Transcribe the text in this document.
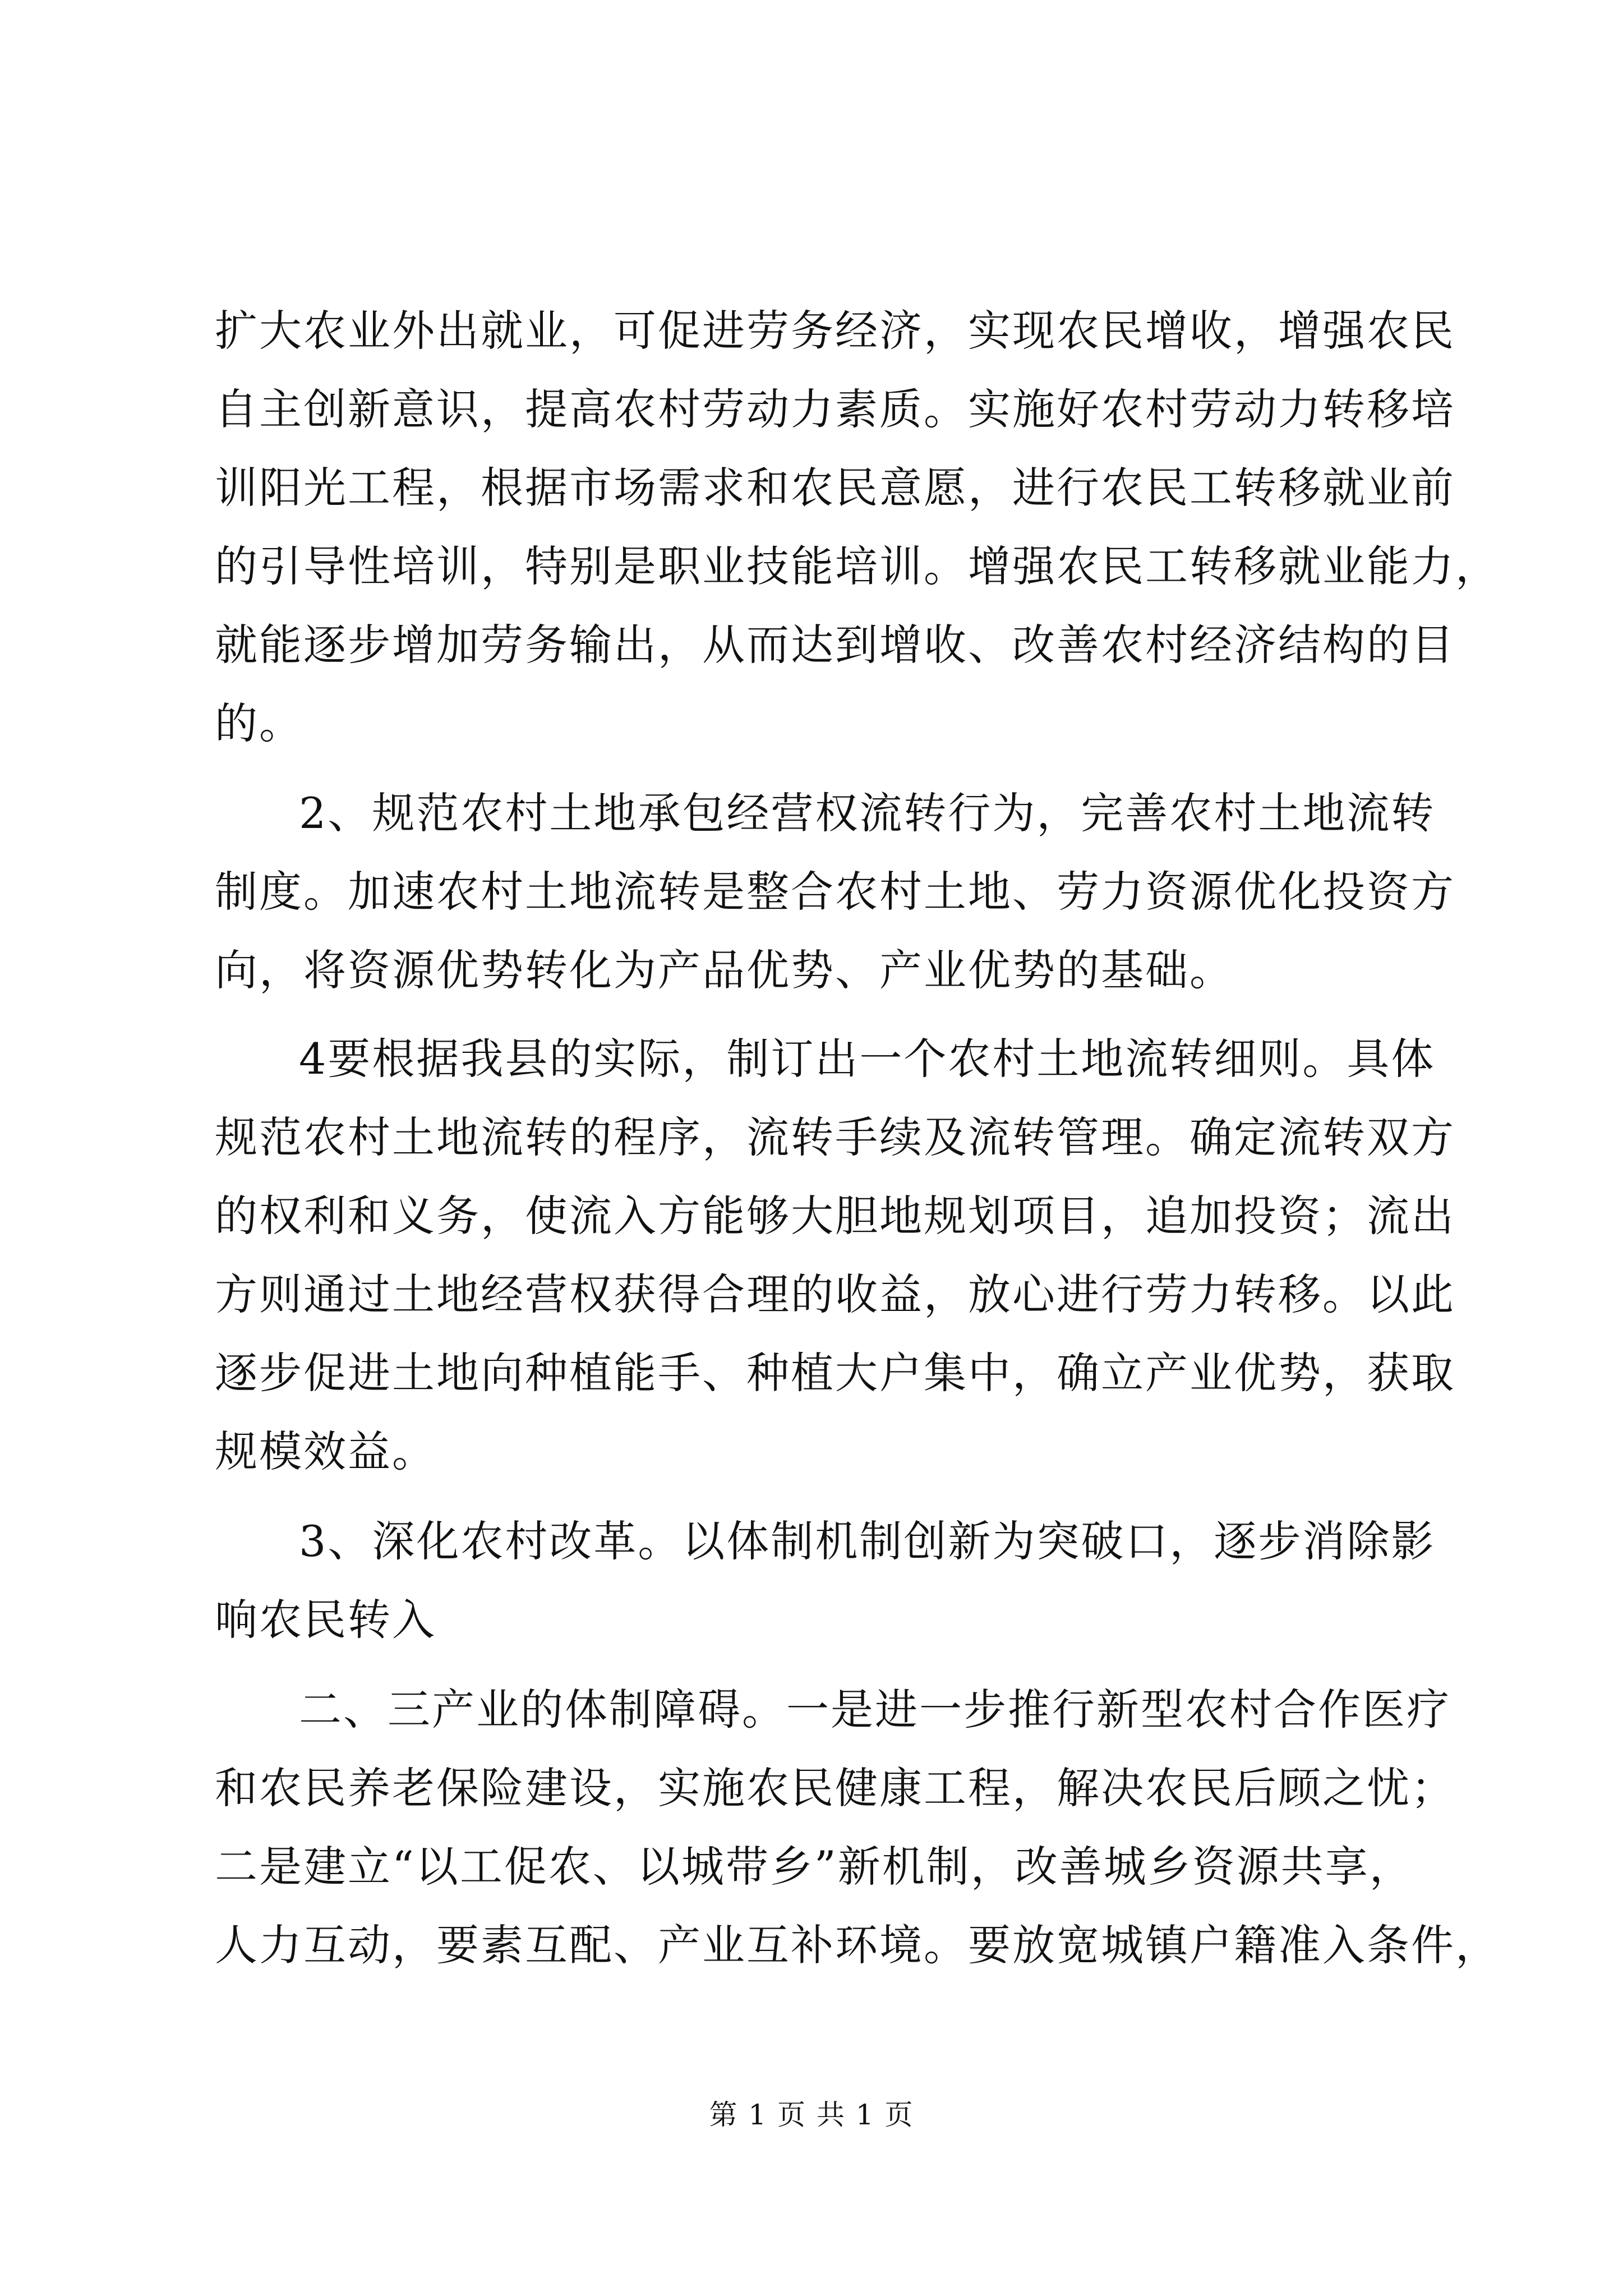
扩大农业外出就业，可促进劳务经济，实现农民增收，增强农民
自主创新意识，提高农村劳动力素质。实施好农村劳动力转移培
训阳光工程，根据市场需求和农民意愿，进行农民工转移就业前
的引导性培训，特别是职业技能培训。增强农民工转移就业能力，
就能逐步增加劳务输出，从而达到增收、改善农村经济结构的目
的。
2、规范农村土地承包经营权流转行为，完善农村土地流转
制度。加速农村土地流转是整合农村土地、劳力资源优化投资方
向，将资源优势转化为产品优势、产业优势的基础。
4要根据我县的实际，制订出一个农村土地流转细则。具体
规范农村土地流转的程序，流转手续及流转管理。确定流转双方
的权利和义务，使流入方能够大胆地规划项目，追加投资；流出
方则通过土地经营权获得合理的收益，放心进行劳力转移。以此
逐步促进土地向种植能手、种植大户集中，确立产业优势，获取
规模效益。
3、深化农村改革。以体制机制创新为突破口，逐步消除影
响农民转入
二、三产业的体制障碍。一是进一步推行新型农村合作医疗
和农民养老保险建设，实施农民健康工程，解决农民后顾之忧；
二是建立“以工促农、以城带乡”新机制，改善城乡资源共享，
人力互动，要素互配、产业互补环境。要放宽城镇户籍准入条件，
第 1 页 共 1 页
